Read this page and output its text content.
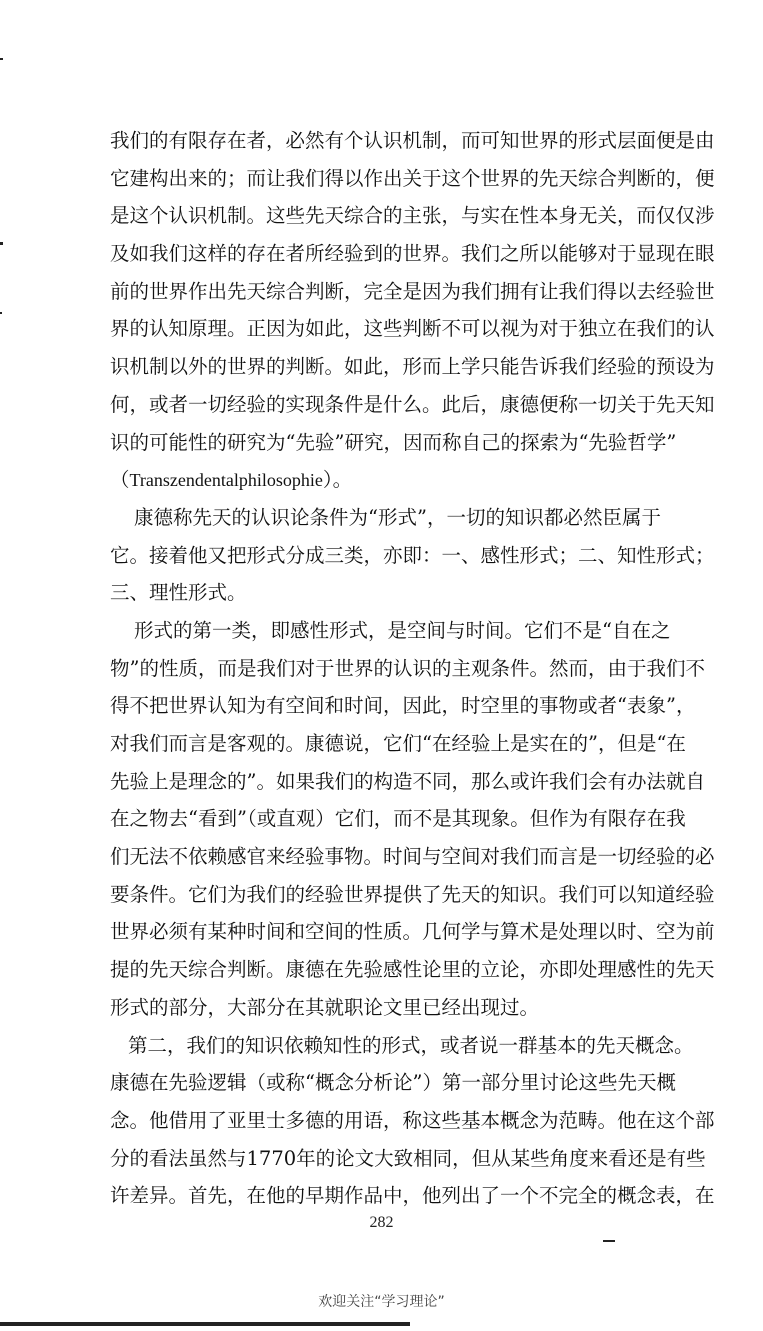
我们的有限存在者，必然有个认识机制，而可知世界的形式层面便是由
它建构出来的；而让我们得以作出关于这个世界的先天综合判断的，便
是这个认识机制。这些先天综合的主张，与实在性本身无关，而仅仅涉
及如我们这样的存在者所经验到的世界。我们之所以能够对于显现在眼
前的世界作出先天综合判断，完全是因为我们拥有让我们得以去经验世
界的认知原理。正因为如此，这些判断不可以视为对于独立在我们的认
识机制以外的世界的判断。如此，形而上学只能告诉我们经验的预设为
何，或者一切经验的实现条件是什么。此后，康德便称一切关于先天知
识的可能性的研究为“先验”研究，因而称自己的探索为“先验哲学”
（Transzendentalphilosophie）。
康德称先天的认识论条件为“形式”，一切的知识都必然臣属于
它。接着他又把形式分成三类，亦即：一、感性形式；二、知性形式；
三、理性形式。
形式的第一类，即感性形式，是空间与时间。它们不是“自在之
物”的性质，而是我们对于世界的认识的主观条件。然而，由于我们不
得不把世界认知为有空间和时间，因此，时空里的事物或者“表象”，
对我们而言是客观的。康德说，它们“在经验上是实在的”，但是“在
先验上是理念的”。如果我们的构造不同，那么或许我们会有办法就自
在之物去“看到”（或直观）它们，而不是其现象。但作为有限存在我
们无法不依赖感官来经验事物。时间与空间对我们而言是一切经验的必
要条件。它们为我们的经验世界提供了先天的知识。我们可以知道经验
世界必须有某种时间和空间的性质。几何学与算术是处理以时、空为前
提的先天综合判断。康德在先验感性论里的立论，亦即处理感性的先天
形式的部分，大部分在其就职论文里已经出现过。
第二，我们的知识依赖知性的形式，或者说一群基本的先天概念。
康德在先验逻辑（或称“概念分析论”）第一部分里讨论这些先天概
念。他借用了亚里士多德的用语，称这些基本概念为范畴。他在这个部
分的看法虽然与1770年的论文大致相同，但从某些角度来看还是有些
许差异。首先，在他的早期作品中，他列出了一个不完全的概念表，在
282
欢迎关注“学习理论”
